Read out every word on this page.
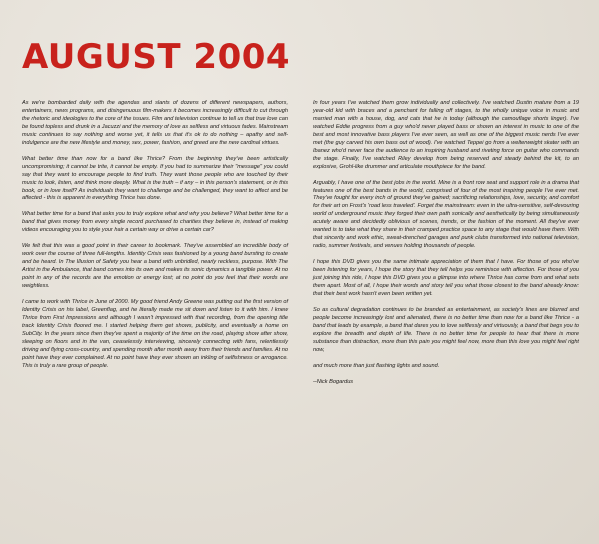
AUGUST 2004

As we're bombarded daily with the agendas and slants of dozens of different newspapers, authors, entertainers, news programs, and disingenuous film-makers it becomes increasingly difficult to cut through the rhetoric and ideologies to the core of the issues. Film and television continue to tell us that true love can be found topless and drunk in a Jacuzzi and the memory of love as selfless and virtuous fades. Mainstream music continues to say nothing and worse yet, it tells us that it's ok to do nothing – apathy and self-indulgence are the new lifestyle and money, sex, power, fashion, and greed are the new cardinal virtues.

What better time than now for a band like Thrice? From the beginning they've been artistically uncompromising; it cannot be trite, it cannot be empty. If you had to summarize their "message" you could say that they want to encourage people to find truth. They want those people who are touched by their music to look, listen, and think more deeply. What is the truth – if any – in this person's statement, or in this book, or in love itself? As individuals they want to challenge and be challenged, they want to affect and be affected - this is apparent in everything Thrice has done.

What better time for a band that asks you to truly explore what and why you believe? What better time for a band that gives money from every single record purchased to charities they believe in, instead of making videos encouraging you to style your hair a certain way or drive a certain car?

We felt that this was a good point in their career to bookmark. They've assembled an incredible body of work over the course of three full-lengths. Identity Crisis was fashioned by a young band bursting to create and be heard. In The Illusion of Safety you hear a band with unbridled, nearly reckless, purpose. With The Artist in the Ambulance, that band comes into its own and makes its sonic dynamics a tangible power. At no point in any of the records are the emotion or energy lost; at no point do you feel that their words are weightless.

I came to work with Thrice in June of 2000. My good friend Andy Greene was putting out the first version of Identity Crisis on his label, Greenflag, and he literally made me sit down and listen to it with him. I knew Thrice from First Impressions and although I wasn't impressed with that recording, from the opening title track Identity Crisis floored me. I started helping them get shows, publicity, and eventually a home on SubCity. In the years since then they've spent a majority of the time on the road, playing show after show, sleeping on floors and in the van, ceaselessly interviewing, sincerely connecting with fans, relentlessly driving and flying cross-country, and spending month after month away from their friends and families. At no point have they ever complained. At no point have they ever shown an inkling of selfishness or arrogance. This is truly a rare group of people.

In four years I've watched them grow individually and collectively. I've watched Dustin mature from a 19 year-old kid with braces and a penchant for falling off stages, to the wholly unique voice in music and married man with a house, dog, and cats that he is today (although the camouflage shorts linger). I've watched Eddie progress from a guy who'd never played bass or shown an interest in music to one of the best and most innovative bass players I've ever seen, as well as one of the biggest music nerds I've ever met (the guy carved his own bass out of wood). I've watched Teppei go from a welterweight skater with an Ibanez who'd never face the audience to an inspiring husband and riveting force on guitar who commands the stage. Finally, I've watched Riley develop from being reserved and steady behind the kit, to an explosive, Grohl-like drummer and articulate mouthpiece for the band.

Arguably, I have one of the best jobs in the world. Mine is a front row seat and support role in a drama that features one of the best bands in the world, comprised of four of the most inspiring people I've ever met. They've fought for every inch of ground they've gained; sacrificing relationships, love, security, and comfort for their art on Frost's 'road less traveled'. Forget the mainstream: even in the ultra-sensitive, self-devouring world of underground music they forged their own path sonically and aesthetically by being simultaneously acutely aware and decidedly oblivious of scenes, trends, or the fashion of the moment. All they've ever wanted is to take what they share in their cramped practice space to any stage that would have them. With that sincerity and work ethic, sweat-drenched garages and punk clubs transformed into national television, radio, summer festivals, and venues holding thousands of people.

I hope this DVD gives you the same intimate appreciation of them that I have. For those of you who've been listening for years, I hope the story that they tell helps you reminisce with affection. For those of you just joining this ride, I hope this DVD gives you a glimpse into where Thrice has come from and what sets them apart. Most of all, I hope their words and story tell you what those closest to the band already know: that their best work hasn't even been written yet.

So as cultural degradation continues to be branded as entertainment, as society's lines are blurred and people become increasingly lost and alienated, there is no better time than now for a band like Thrice - a band that leads by example, a band that dares you to love selflessly and virtuously, a band that begs you to explore the breadth and depth of life. There is no better time for people to hear that there is more substance than distraction, more than this pain you might feel now, more than this love you might feel right now,

and much more than just flashing lights and sound.

--Nick Bogardus
